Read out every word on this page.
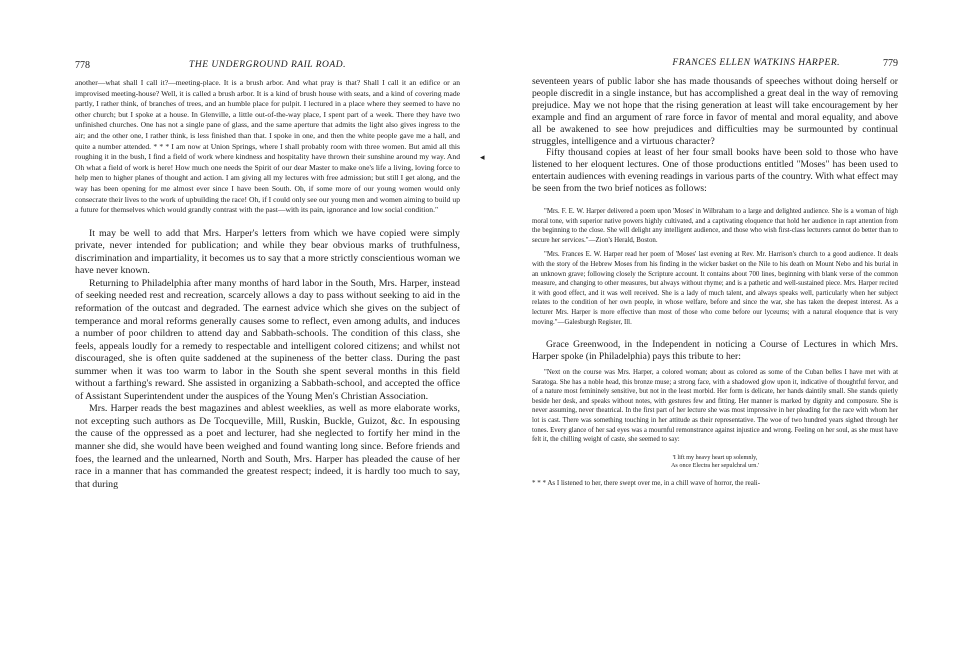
778	THE UNDERGROUND RAIL ROAD.

another—what shall I call it?—meeting-place. It is a brush arbor. And what pray is that? Shall I call it an edifice or an improvised meeting-house? Well, it is called a brush arbor. It is a kind of brush house with seats, and a kind of covering made partly, I rather think, of branches of trees, and an humble place for pulpit. I lectured in a place where they seemed to have no other church; but I spoke at a house. In Glenville, a little out-of-the-way place, I spent part of a week. There they have two unfinished churches. One has not a single pane of glass, and the same aperture that admits the light also gives ingress to the air; and the other one, I rather think, is less finished than that. I spoke in one, and then the white people gave me a hall, and quite a number attended. * * * I am now at Union Springs, where I shall probably room with three women. But amid all this roughing it in the bush, I find a field of work where kindness and hospitality have thrown their sunshine around my way. And Oh what a field of work is here! How much one needs the Spirit of our dear Master to make one's life a living, loving force to help men to higher planes of thought and action. I am giving all my lectures with free admission; but still I get along, and the way has been opening for me almost ever since I have been South. Oh, if some more of our young women would only consecrate their lives to the work of upbuilding the race! Oh, if I could only see our young men and women aiming to build up a future for themselves which would grandly contrast with the past—with its pain, ignorance and low social condition."

It may be well to add that Mrs. Harper's letters from which we have copied were simply private, never intended for publication; and while they bear obvious marks of truthfulness, discrimination and impartiality, it becomes us to say that a more strictly conscientious woman we have never known.

Returning to Philadelphia after many months of hard labor in the South, Mrs. Harper, instead of seeking needed rest and recreation, scarcely allows a day to pass without seeking to aid in the reformation of the outcast and degraded. The earnest advice which she gives on the subject of temperance and moral reforms generally causes some to reflect, even among adults, and induces a number of poor children to attend day and Sabbath-schools. The condition of this class, she feels, appeals loudly for a remedy to respectable and intelligent colored citizens; and whilst not discouraged, she is often quite saddened at the supineness of the better class. During the past summer when it was too warm to labor in the South she spent several months in this field without a farthing's reward. She assisted in organizing a Sabbath-school, and accepted the office of Assistant Superintendent under the auspices of the Young Men's Christian Association.

Mrs. Harper reads the best magazines and ablest weeklies, as well as more elaborate works, not excepting such authors as De Tocqueville, Mill, Ruskin, Buckle, Guizot, &c. In espousing the cause of the oppressed as a poet and lecturer, had she neglected to fortify her mind in the manner she did, she would have been weighed and found wanting long since. Before friends and foes, the learned and the unlearned, North and South, Mrs. Harper has pleaded the cause of her race in a manner that has commanded the greatest respect; indeed, it is hardly too much to say, that during

◂
FRANCES ELLEN WATKINS HARPER.	779

seventeen years of public labor she has made thousands of speeches without doing herself or people discredit in a single instance, but has accomplished a great deal in the way of removing prejudice. May we not hope that the rising generation at least will take encouragement by her example and find an argument of rare force in favor of mental and moral equality, and above all be awakened to see how prejudices and difficulties may be surmounted by continual struggles, intelligence and a virtuous character?

Fifty thousand copies at least of her four small books have been sold to those who have listened to her eloquent lectures. One of those productions entitled "Moses" has been used to entertain audiences with evening readings in various parts of the country. With what effect may be seen from the two brief notices as follows:

"Mrs. F. E. W. Harper delivered a poem upon 'Moses' in Wilbraham to a large and delighted audience. She is a woman of high moral tone, with superior native powers highly cultivated, and a captivating eloquence that hold her audience in rapt attention from the beginning to the close. She will delight any intelligent audience, and those who wish first-class lecturers cannot do better than to secure her services."—Zion's Herald, Boston.

"Mrs. Frances E. W. Harper read her poem of 'Moses' last evening at Rev. Mr. Harrison's church to a good audience. It deals with the story of the Hebrew Moses from his finding in the wicker basket on the Nile to his death on Mount Nebo and his burial in an unknown grave; following closely the Scripture account. It contains about 700 lines, beginning with blank verse of the common measure, and changing to other measures, but always without rhyme; and is a pathetic and well-sustained piece. Mrs. Harper recited it with good effect, and it was well received. She is a lady of much talent, and always speaks well, particularly when her subject relates to the condition of her own people, in whose welfare, before and since the war, she has taken the deepest interest. As a lecturer Mrs. Harper is more effective than most of those who come before our lyceums; with a natural eloquence that is very moving."—Galesburgh Register, Ill.

Grace Greenwood, in the Independent in noticing a Course of Lectures in which Mrs. Harper spoke (in Philadelphia) pays this tribute to her:

"Next on the course was Mrs. Harper, a colored woman; about as colored as some of the Cuban belles I have met with at Saratoga. She has a noble head, this bronze muse; a strong face, with a shadowed glow upon it, indicative of thoughtful fervor, and of a nature most femininely sensitive, but not in the least morbid. Her form is delicate, her hands daintily small. She stands quietly beside her desk, and speaks without notes, with gestures few and fitting. Her manner is marked by dignity and composure. She is never assuming, never theatrical. In the first part of her lecture she was most impressive in her pleading for the race with whom her lot is cast. There was something touching in her attitude as their representative. The woe of two hundred years sighed through her tones. Every glance of her sad eyes was a mournful remonstrance against injustice and wrong. Feeling on her soul, as she must have felt it, the chilling weight of caste, she seemed to say:

'I lift my heavy heart up solemnly,
As once Electra her sepulchral urn.'

* * * As I listened to her, there swept over me, in a chill wave of horror, the reali-
